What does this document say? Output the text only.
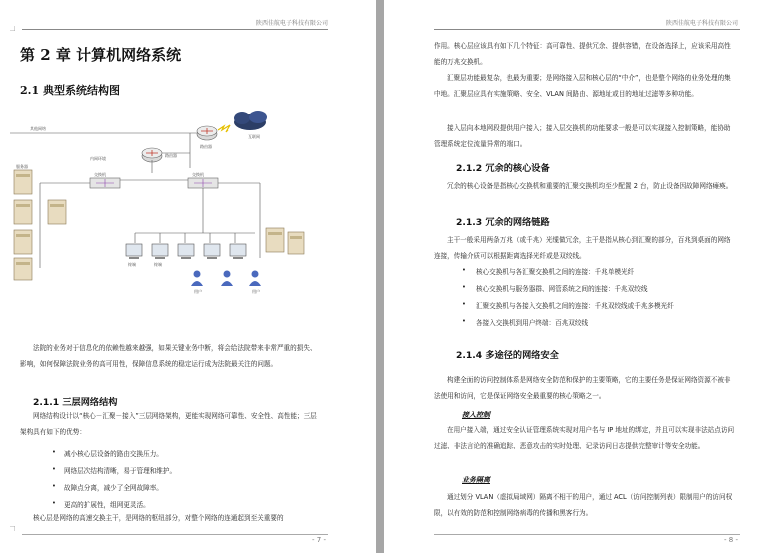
陕西佳航电子科技有限公司
第 2 章 计算机网络系统
2.1 典型系统结构图
其他网络
路由器
互联网
路由器
内网环境
交换机	交换机
服务器
终端	终端
用户	用户
法院的业务对于信息化的依赖性越来越强，如果关键业务中断，将会给法院带来非常严重的损失、影响，如何保障法院业务的高可用性，保障信息系统的稳定运行成为法院最关注的问题。
2.1.1 三层网络结构
网络结构设计以“核心－汇聚－接入”三层网络架构，更能实现网络可靠性、安全性、高性能；三层架构具有如下的优势：
• 减小核心层设备的路由交换压力。
• 网络层次结构清晰，易于管理和维护。
• 故障点分离，减少了全网故障率。
• 更高的扩展性，组网更灵活。
核心层是网络的高速交换主干，是网络的枢纽部分，对整个网络的连通起到至关重要的
- 7 -
陕西佳航电子科技有限公司
作用。核心层应该具有如下几个特征：高可靠性、提供冗余、提供容错，在设备选择上，应该采用高性能的万兆交换机。
汇聚层功能最复杂，也最为重要；是网络接入层和核心层的“中介”，也是整个网络的业务处理的集中地。汇聚层应具有实施策略、安全、VLAN 间路由、源地址或目的地址过滤等多种功能。
接入层向本地网段提供用户接入；接入层交换机的功能要求一般是可以实现接入控制策略，能协助管理系统定位流量异常的端口。
2.1.2 冗余的核心设备
冗余的核心设备是指核心交换机和重要的汇聚交换机均至少配置 2 台，防止设备因故障网络瘫痪。
2.1.3 冗余的网络链路
主干一般采用两条万兆（或千兆）光缆做冗余，主干是指从核心到汇聚的部分，百兆到桌面的网络连接，传输介质可以根据距离选择光纤或是双绞线。
• 核心交换机与各汇聚交换机之间的连接：千兆单模光纤
• 核心交换机与服务器群、网管系统之间的连接：千兆双绞线
• 汇聚交换机与各接入交换机之间的连接：千兆双绞线或千兆多模光纤
• 各接入交换机到用户终端：百兆双绞线
2.1.4 多途径的网络安全
构建全面的访问控制体系是网络安全防范和保护的主要策略，它的主要任务是保证网络资源不被非法使用和访问，它是保证网络安全最重要的核心策略之一。
接入控制
在用户接入端，通过安全认证管理系统实现对用户名与 IP 地址的绑定，并且可以实现非法站点访问过滤、非法言论的准确追踪、恶意攻击的实时处理、记录访问日志提供完整审计等安全功能。
业务隔离
通过划分 VLAN（虚拟局域网）隔离不相干的用户，通过 ACL（访问控制列表）限制用户的访问权限，以有效的防范和控制网络病毒的传播和黑客行为。
- 8 -
